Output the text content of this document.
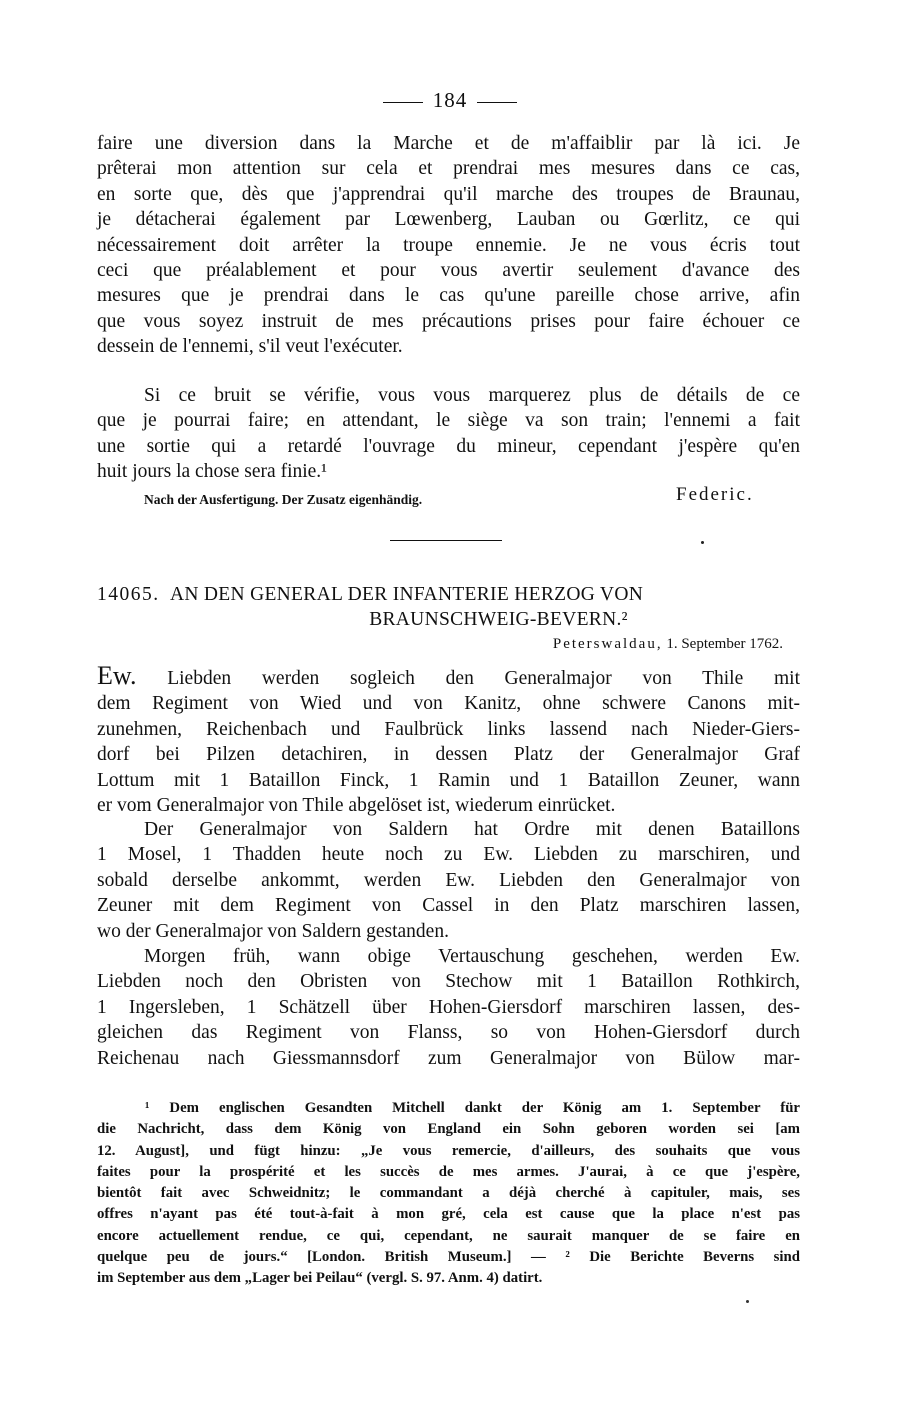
184
faire une diversion dans la Marche et de m'affaiblir par là ici. Je
prêterai mon attention sur cela et prendrai mes mesures dans ce cas,
en sorte que, dès que j'apprendrai qu'il marche des troupes de Braunau,
je détacherai également par Lœwenberg, Lauban ou Gœrlitz, ce qui
nécessairement doit arrêter la troupe ennemie. Je ne vous écris tout
ceci que préalablement et pour vous avertir seulement d'avance des
mesures que je prendrai dans le cas qu'une pareille chose arrive, afin
que vous soyez instruit de mes précautions prises pour faire échouer ce
dessein de l'ennemi, s'il veut l'exécuter.
Si ce bruit se vérifie, vous vous marquerez plus de détails de ce
que je pourrai faire; en attendant, le siège va son train; l'ennemi a fait
une sortie qui a retardé l'ouvrage du mineur, cependant j'espère qu'en
huit jours la chose sera finie.¹
Nach der Ausfertigung. Der Zusatz eigenhändig.	Federic.
14065. AN DEN GENERAL DER INFANTERIE HERZOG VON
BRAUNSCHWEIG-BEVERN.²
Peterswaldau, 1. September 1762.
Ew. Liebden werden sogleich den Generalmajor von Thile mit
dem Regiment von Wied und von Kanitz, ohne schwere Canons mit-
zunehmen, Reichenbach und Faulbrück links lassend nach Nieder-Giers-
dorf bei Pilzen detachiren, in dessen Platz der Generalmajor Graf
Lottum mit 1 Bataillon Finck, 1 Ramin und 1 Bataillon Zeuner, wann
er vom Generalmajor von Thile abgelöset ist, wiederum einrücket.
Der Generalmajor von Saldern hat Ordre mit denen Bataillons
1 Mosel, 1 Thadden heute noch zu Ew. Liebden zu marschiren, und
sobald derselbe ankommt, werden Ew. Liebden den Generalmajor von
Zeuner mit dem Regiment von Cassel in den Platz marschiren lassen,
wo der Generalmajor von Saldern gestanden.
Morgen früh, wann obige Vertauschung geschehen, werden Ew.
Liebden noch den Obristen von Stechow mit 1 Bataillon Rothkirch,
1 Ingersleben, 1 Schätzell über Hohen-Giersdorf marschiren lassen, des-
gleichen das Regiment von Flanss, so von Hohen-Giersdorf durch
Reichenau nach Giessmannsdorf zum Generalmajor von Bülow mar-
¹ Dem englischen Gesandten Mitchell dankt der König am 1. September für
die Nachricht, dass dem König von England ein Sohn geboren worden sei [am
12. August], und fügt hinzu: „Je vous remercie, d'ailleurs, des souhaits que vous
faites pour la prospérité et les succès de mes armes. J'aurai, à ce que j'espère,
bientôt fait avec Schweidnitz; le commandant a déjà cherché à capituler, mais, ses
offres n'ayant pas été tout-à-fait à mon gré, cela est cause que la place n'est pas
encore actuellement rendue, ce qui, cependant, ne saurait manquer de se faire en
quelque peu de jours.“ [London. British Museum.] — ² Die Berichte Beverns sind
im September aus dem „Lager bei Peilau“ (vergl. S. 97. Anm. 4) datirt.
